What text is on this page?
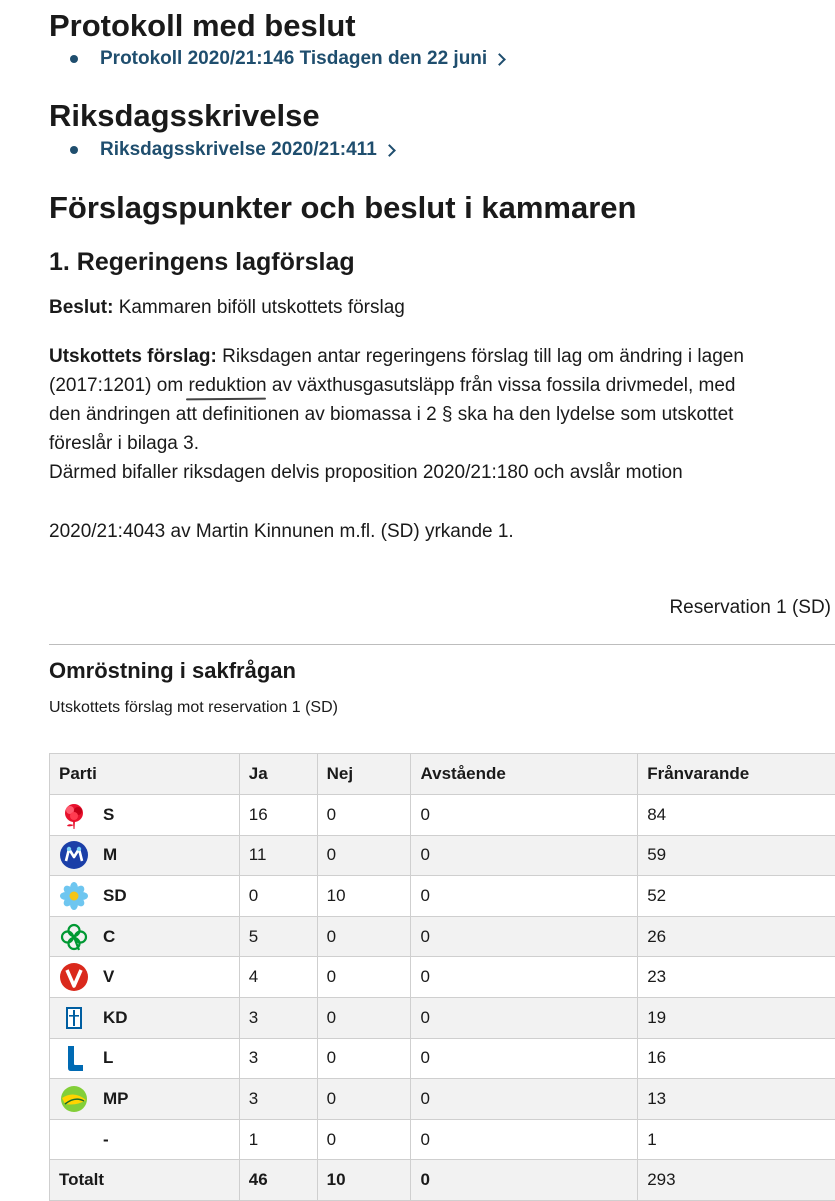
Protokoll med beslut
Protokoll 2020/21:146 Tisdagen den 22 juni
Riksdagsskrivelse
Riksdagsskrivelse 2020/21:411
Förslagspunkter och beslut i kammaren
1. Regeringens lagförslag
Beslut: Kammaren biföll utskottets förslag
Utskottets förslag: Riksdagen antar regeringens förslag till lag om ändring i lagen
(2017:1201) om reduktion av växthusgasutsläpp från vissa fossila drivmedel, med
den ändringen att definitionen av biomassa i 2 § ska ha den lydelse som utskottet
föreslår i bilaga 3.
Därmed bifaller riksdagen delvis proposition 2020/21:180 och avslår motion
2020/21:4043 av Martin Kinnunen m.fl. (SD) yrkande 1.
Reservation 1 (SD)
Omröstning i sakfrågan
Utskottets förslag mot reservation 1 (SD)
Parti	Ja	Nej	Avstående	Frånvarande

S	16	0	0	84

M	11	0	0	59

SD	0	10	0	52

C	5	0	0	26

V	4	0	0	23

KD	3	0	0	19

L	3	0	0	16

MP	3	0	0	13

-	1	0	0	1
Totalt	46	10	0	293
